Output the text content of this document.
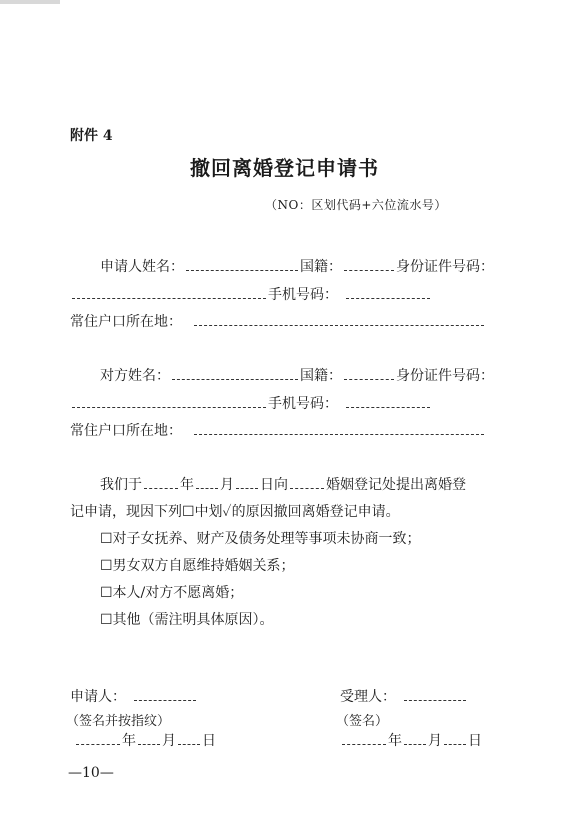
附件 4
撤回离婚登记申请书
（NO：区划代码+六位流水号）
申请人姓名：	国籍：	身份证件号码：
手机号码：
常住户口所在地：
对方姓名：	国籍：	身份证件号码：
手机号码：
常住户口所在地：
我们于	年 月 日向	婚姻登记处提出离婚登
记申请，现因下列☐中划✓的原因撤回离婚登记申请。
☐对子女抚养、财产及债务处理等事项未协商一致；
☐男女双方自愿维持婚姻关系；
☐本人/对方不愿离婚；
☐其他（需注明具体原因）。
申请人：
（签名并按指纹）
年 月 日
受理人：
（签名）
年 月 日
—10—
